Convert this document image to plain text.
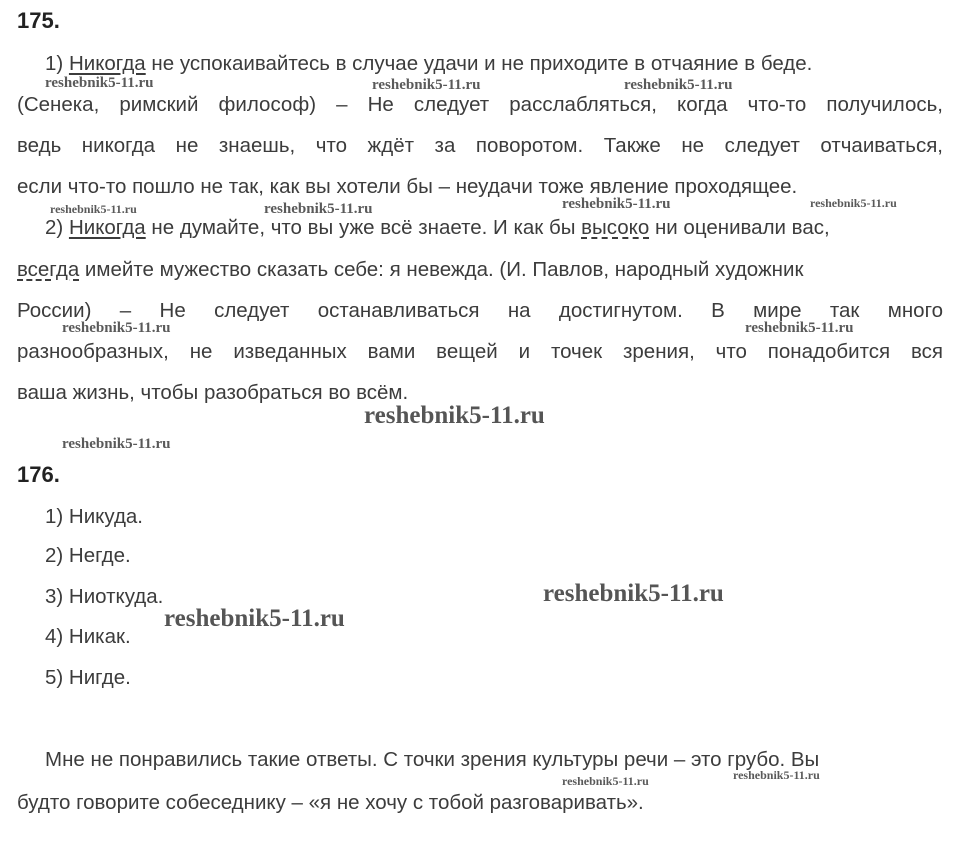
175.
1) Никогда не успокаивайтесь в случае удачи и не приходите в отчаяние в беде.
(Сенека, римский философ) – Не следует расслабляться, когда что-то получилось,
ведь никогда не знаешь, что ждёт за поворотом. Также не следует отчаиваться,
если что-то пошло не так, как вы хотели бы – неудачи тоже явление проходящее.
2) Никогда не думайте, что вы уже всё знаете. И как бы высоко ни оценивали вас,
всегда имейте мужество сказать себе: я невежда. (И. Павлов, народный художник
России) – Не следует останавливаться на достигнутом. В мире так много
разнообразных, не изведанных вами вещей и точек зрения, что понадобится вся
ваша жизнь, чтобы разобраться во всём.
176.
1) Никуда.
2) Негде.
3) Ниоткуда.
4) Никак.
5) Нигде.
Мне не понравились такие ответы. С точки зрения культуры речи – это грубо. Вы
будто говорите собеседнику – «я не хочу с тобой разговаривать».
reshebnik5-11.ru	reshebnik5-11.ru	reshebnik5-11.ru
reshebnik5-11.ru	reshebnik5-11.ru	reshebnik5-11.ru	reshebnik5-11.ru
reshebnik5-11.ru	reshebnik5-11.ru
reshebnik5-11.ru
reshebnik5-11.ru
reshebnik5-11.ru
reshebnik5-11.ru
reshebnik5-11.ru	reshebnik5-11.ru
